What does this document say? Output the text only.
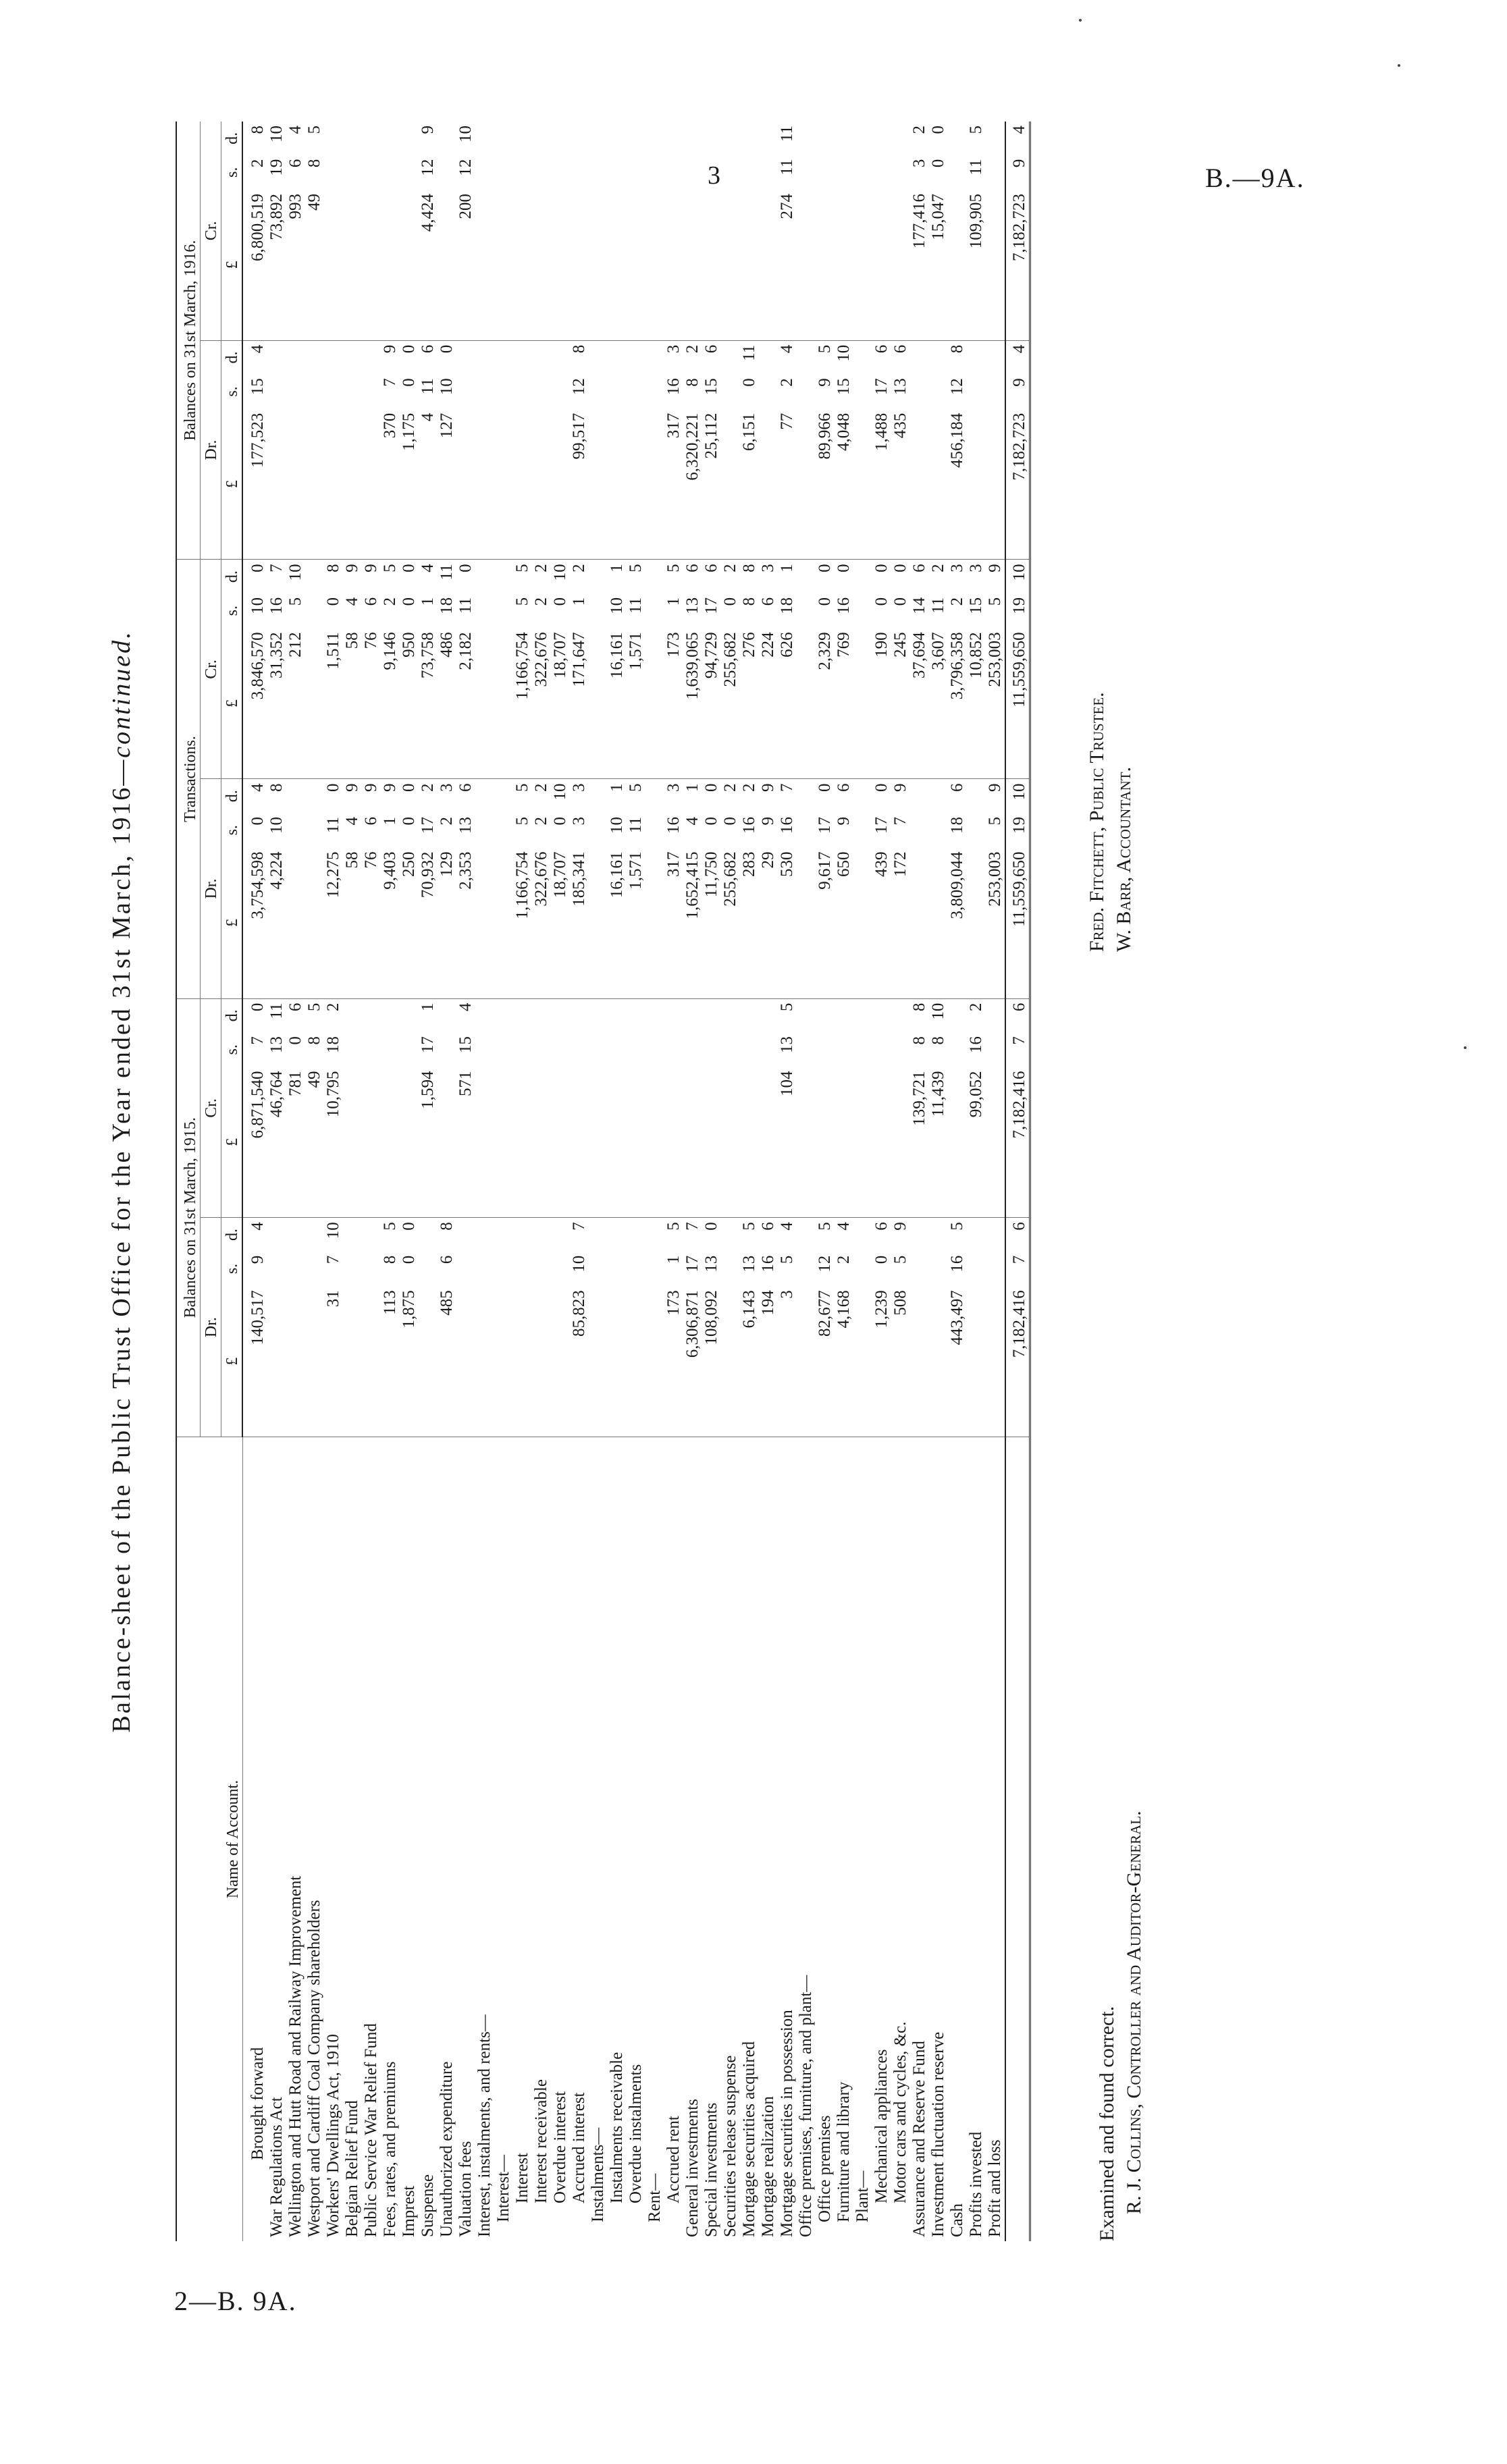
3	B.—9A.
2—B. 9A.
Balance-sheet of the Public Trust Office for the Year ended 31st March, 1916—continued.
Name of Account.	Balances on 31st March, 1915.						Transactions.						Balances on 31st March, 1916.					
	Dr.			Cr.			Dr.			Cr.			Dr.			Cr.		
	£	s.	d.	£	s.	d.	£	s.	d.	£	s.	d.	£	s.	d.	£	s.	d.
Brought forward	140,517	9	4	6,871,540	7	0	3,754,598	0	4	3,846,570	10	0	177,523	15	4	6,800,519	2	8
War Regulations Act				46,764	13	11	4,224	10	8	31,352	16	7				73,892	19	10
Wellington and Hutt Road and Railway Improvement				781	0	6				212	5	10				993	6	4
Westport and Cardiff Coal Company shareholders				49	8	5										49	8	5
Workers' Dwellings Act, 1910	31	7	10	10,795	18	2	12,275	11	0	1,511	0	8						
Belgian Relief Fund							58	4	9	58	4	9						
Public Service War Relief Fund							76	6	9	76	6	9						
Fees, rates, and premiums	113	8	5				9,403	1	9	9,146	2	5	370	7	9			
Imprest	1,875	0	0				250	0	0	950	0	0	1,175	0	0			
Suspense				1,594	17	1	70,932	17	2	73,758	1	4	4	11	6	4,424	12	9
Unauthorized expenditure	485	6	8				129	2	3	486	18	11	127	10	0			
Valuation fees				571	15	4	2,353	13	6	2,182	11	0				200	12	10
Interest, instalments, and rents—																		
Interest—																		
Interest							1,166,754	5	5	1,166,754	5	5						
Interest receivable							322,676	2	2	322,676	2	2						
Overdue interest							18,707	0	10	18,707	0	10						
Accrued interest	85,823	10	7				185,341	3	3	171,647	1	2	99,517	12	8			
Instalments—																		
Instalments receivable							16,161	10	1	16,161	10	1						
Overdue instalments							1,571	11	5	1,571	11	5						
Rent—																		
Accrued rent	173	1	5				317	16	3	173	1	5	317	16	3			
General investments	6,306,871	17	7				1,652,415	4	1	1,639,065	13	6	6,320,221	8	2			
Special investments	108,092	13	0				11,750	0	0	94,729	17	6	25,112	15	6			
Securities release suspense							255,682	0	2	255,682	0	2						
Mortgage securities acquired	6,143	13	5				283	16	2	276	8	8	6,151	0	11			
Mortgage realization	194	16	6				29	9	9	224	6	3						
Mortgage securities in possession	3	5	4	104	13	5	530	16	7	626	18	1	77	2	4	274	11	11
Office premises, furniture, and plant—																		
Office premises	82,677	12	5				9,617	17	0	2,329	0	0	89,966	9	5			
Furniture and library	4,168	2	4				650	9	6	769	16	0	4,048	15	10			
Plant—																		
Mechanical appliances	1,239	0	6				439	17	0	190	0	0	1,488	17	6			
Motor cars and cycles, &c.	508	5	9				172	7	9	245	0	0	435	13	6			
Assurance and Reserve Fund				139,721	8	8				37,694	14	6				177,416	3	2
Investment fluctuation reserve				11,439	8	10				3,607	11	2				15,047	0	0
Cash	443,497	16	5				3,809,044	18	6	3,796,358	2	3	456,184	12	8			
Profits invested				99,052	16	2				10,852	15	3				109,905	11	5
Profit and loss							253,003	5	9	253,003	5	9						
	7,182,416	7	6	7,182,416	7	6	11,559,650	19	10	11,559,650	19	10	7,182,723	9	4	7,182,723	9	4
Examined and found correct. R. J. Collins, Controller and Auditor-General.
Fred. Fitchett, Public Trustee. W. Barr, Accountant.
